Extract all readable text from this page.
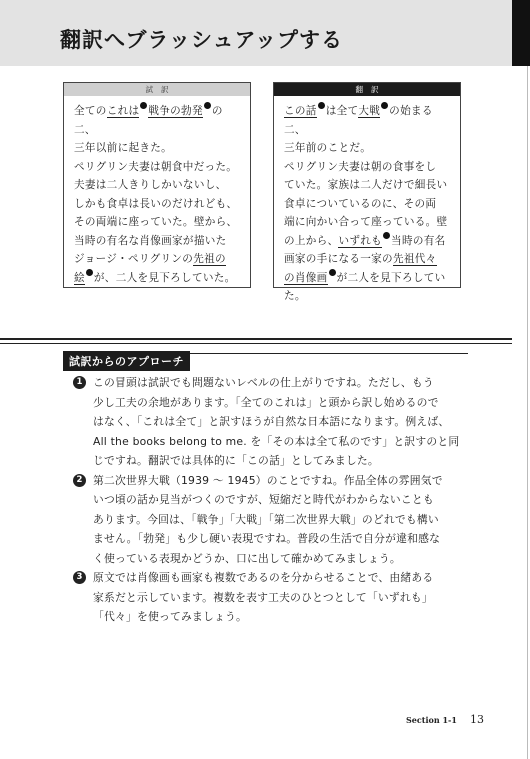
翻訳へブラッシュアップする
試訳

全てのこれは 戦争の勃発 の二、
三年以前に起きた。
ペリグリン夫妻は朝食中だった。
夫妻は二人きりしかいないし、
しかも食卓は長いのだけれども、
その両端に座っていた。壁から、
当時の有名な肖像画家が描いた
ジョージ・ペリグリンの先祖の
絵 が、二人を見下ろしていた。

翻訳

この話 は全て大戦 の始まる二、
三年前のことだ。
ペリグリン夫妻は朝の食事をし
ていた。家族は二人だけで細長い
食卓についているのに、その両
端に向かい合って座っている。壁
の上から、いずれも 当時の有名
画家の手になる一家の先祖代々
の肖像画 が二人を見下ろしてい
た。

試訳からのアプローチ
1 この冒頭は試訳でも問題ないレベルの仕上がりですね。ただし、もう
少し工夫の余地があります。「全てのこれは」と頭から訳し始めるので
はなく、「これは全て」と訳すほうが自然な日本語になります。例えば、
All the books belong to me. を「その本は全て私のです」と訳すのと同
じですね。翻訳では具体的に「この話」としてみました。
2 第二次世界大戦（1939 ～ 1945）のことですね。作品全体の雰囲気で
いつ頃の話か見当がつくのですが、短縮だと時代がわからないことも
あります。今回は、「戦争」「大戦」「第二次世界大戦」のどれでも構い
ません。「勃発」も少し硬い表現ですね。普段の生活で自分が違和感な
く使っている表現かどうか、口に出して確かめてみましょう。
3 原文では肖像画も画家も複数であるのを分からせることで、由緒ある
家系だと示しています。複数を表す工夫のひとつとして「いずれも」
「代々」を使ってみましょう。
Section 1-1 13
